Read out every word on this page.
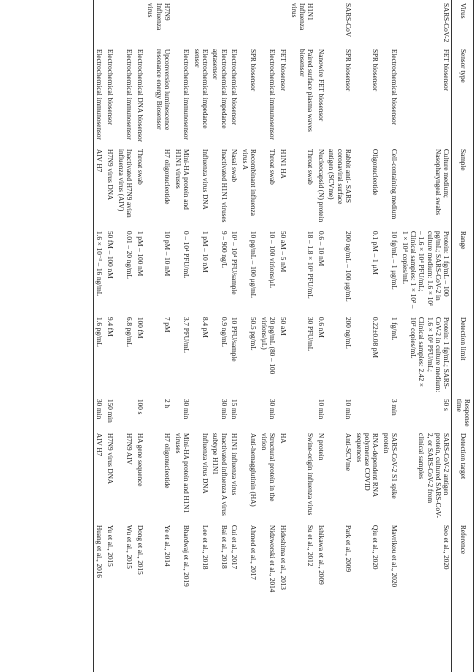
Virus	Sensor type	Sample	Range	Detection limit	Response time	Detection target	Reference
SARS-CoV-2	FET biosensor	Culture medium; Nasopharyngeal swabs	Protein: 1 fg/mL – 100 pg/mL; SARS-CoV-2 in culture medium: 1.6 × 10¹ – 1.6 × 10⁴ PFU/mL; Clinical samples: 1 × 10² – 1 × 10⁴ copies/mL	Protein: 1 fg/mL; SARS-CoV-2 in culture medium: 1.6 × 10¹ PFU/mL; Clinical samples: 2.42 × 10² copies/mL	50 s	SARS-CoV-2 antigen protein, cultured SARS-CoV-2, or SARS-CoV-2 from clinical samples	Seo et al., 2020
	Electrochemical biosensor	Cell-containing medium	10 fg/mL – 1 μg/mL	1 fg/mL	3 min	SARS-CoV-2 S1 spike protein	Mavrikou et al., 2020
	SPR biosensor	Oligonucleotide	0.1 pM – 1 μM	0.22±0.08 pM		RNA-dependent RNA polymerase COVID sequences	Qiu et al., 2020
SARS-CoV	SPR biosensor	Rabbit anti- SARS coronaviral surface antigen (SCVme)	200 ng/mL – 100 μg/mL	200 ng/mL	10 min	Anti-SCVme	Park et al., 2009
	Nanowire FET biosensor	Nucleocapsid (N) protein	0.6 – 10 nM	0.6 nM	10 min	N protein	Ishikawa et al., 2009
H1N1 Influenza virus	Paired surface plasma waves biosensor	Throat swab	18 – 1.8 × 10⁵ PFU/mL	30 PFU/mL		Swine-origin influenza virus	Su et al., 2012
	FET biosensor	H1N1 HA	50 aM – 5 nM	50 aM		HA	Hideshima et al., 2013
	Electrochemical immunosensor	Throat swab	10 – 100 virions/μL	20 pg/mL (80 – 100 virions/μL)	30 min	Structural protein in the virion	Nidzworski et al., 2014
	SPR biosensor	Recombinant influenza virus A	10 pg/mL – 100 μg/mL	50.5 pg/mL		Anti-hemagglutinin (HA)	Ahmed et al., 2017
	Electrochemical biosensor	Nasal swab	10¹ – 10⁴ PFU/sample	10 PFU/sample	15 min	H1N1 influenza virus	Cui et al., 2017
	Electrochemical impedance aptasensor	Inactivated H1N1 viruses	9 – 900 ng/L	0.9 ng/mL	30 min	Inactivated influenza A virus subtype H1N1	Bai et al., 2018
	Electrochemical impedance sensor	Influenza virus DNA	1 pM – 10 nM	8.4 pM		Influenza virus DNA	Lee et al., 2018
	Electrochemical immunosensor	Mini-HA protein and H1N1 viruses	0 – 10⁴ PFU/mL	3.7 PFU/mL	30 min	Mini-HA protein and H1N1 viruses	Bhardwaj et al., 2019
H7N9 Influenza virus	Upconversion luminescence resonance energy Biosensor	H7 oligonucleotide	10 pM – 10 nM	7 pM	2 h	H7 oligonucleotide	Ye et al., 2014
	Electrochemical DNA biosensor	Throat swab	1 pM – 100 nM	100 fM	100 s	HA gene sequence	Dong et al., 2015
	Electrochemical immunosensor	Inactivated H7N9 avian influenza virus (AIV)	0.01 – 20 ng/mL	6.8 pg/mL		H7N9 AIV	Wu et al., 2015
	Electrochemical biosensor	H7N9 virus DNA	50 fM – 100 nM	9.4 fM	150 min	H7N9 virus DNA	Yu et al., 2015
	Electrochemical immunosensor	AIV H7	1.6 × 10⁻³ – 16 ng/mL	1.6 pg/mL	30 min	AIV H7	Huang et al., 2016
